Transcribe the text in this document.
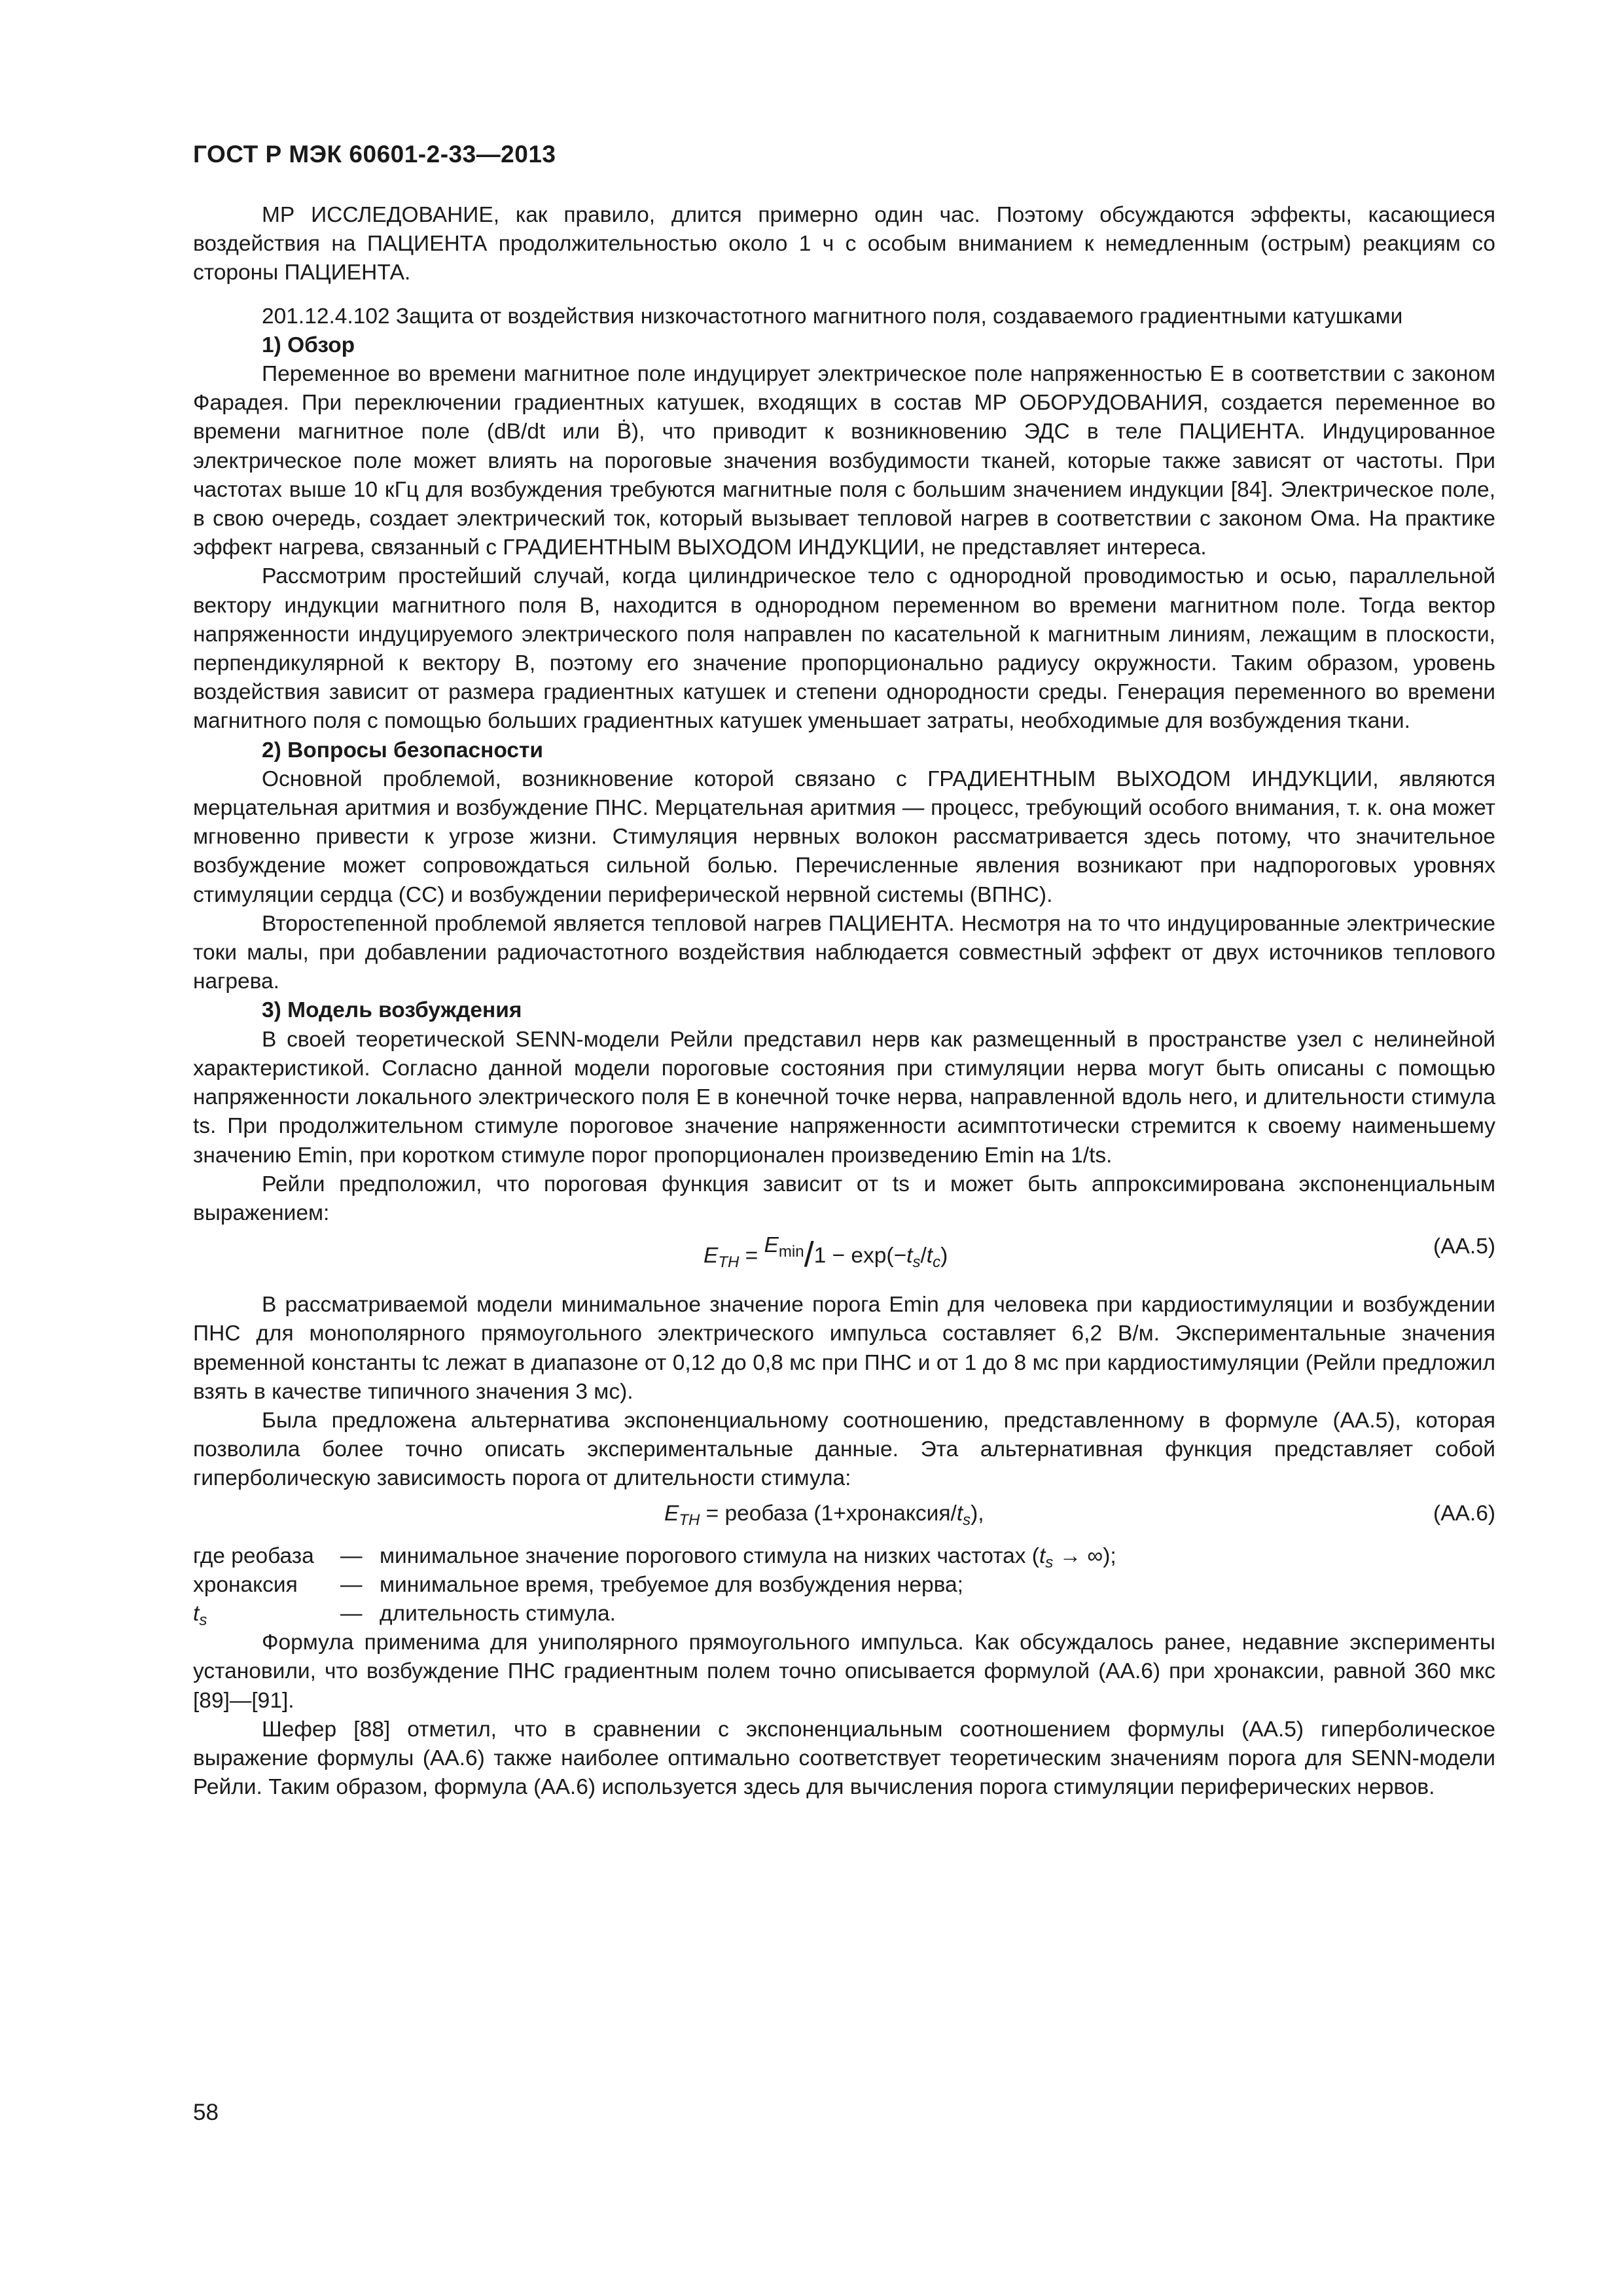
ГОСТ Р МЭК 60601-2-33—2013

МР ИССЛЕДОВАНИЕ, как правило, длится примерно один час. Поэтому обсуждаются эффекты, касающиеся воздействия на ПАЦИЕНТА продолжительностью около 1 ч с особым вниманием к немедленным (острым) реакциям со стороны ПАЦИЕНТА.

201.12.4.102 Защита от воздействия низкочастотного магнитного поля, создаваемого градиентными катушками

1) Обзор

Переменное во времени магнитное поле индуцирует электрическое поле напряженностью E в соответствии с законом Фарадея. При переключении градиентных катушек, входящих в состав МР ОБОРУДОВАНИЯ, создается переменное во времени магнитное поле (dB/dt или Ḃ), что приводит к возникновению ЭДС в теле ПАЦИЕНТА. Индуцированное электрическое поле может влиять на пороговые значения возбудимости тканей, которые также зависят от частоты. При частотах выше 10 кГц для возбуждения требуются магнитные поля с большим значением индукции [84]. Электрическое поле, в свою очередь, создает электрический ток, который вызывает тепловой нагрев в соответствии с законом Ома. На практике эффект нагрева, связанный с ГРАДИЕНТНЫМ ВЫХОДОМ ИНДУКЦИИ, не представляет интереса.

Рассмотрим простейший случай, когда цилиндрическое тело с однородной проводимостью и осью, параллельной вектору индукции магнитного поля B, находится в однородном переменном во времени магнитном поле. Тогда вектор напряженности индуцируемого электрического поля направлен по касательной к магнитным линиям, лежащим в плоскости, перпендикулярной к вектору B, поэтому его значение пропорционально радиусу окружности. Таким образом, уровень воздействия зависит от размера градиентных катушек и степени однородности среды. Генерация переменного во времени магнитного поля с помощью больших градиентных катушек уменьшает затраты, необходимые для возбуждения ткани.

2) Вопросы безопасности

Основной проблемой, возникновение которой связано с ГРАДИЕНТНЫМ ВЫХОДОМ ИНДУКЦИИ, являются мерцательная аритмия и возбуждение ПНС. Мерцательная аритмия — процесс, требующий особого внимания, т. к. она может мгновенно привести к угрозе жизни. Стимуляция нервных волокон рассматривается здесь потому, что значительное возбуждение может сопровождаться сильной болью. Перечисленные явления возникают при надпороговых уровнях стимуляции сердца (СС) и возбуждении периферической нервной системы (ВПНС).

Второстепенной проблемой является тепловой нагрев ПАЦИЕНТА. Несмотря на то что индуцированные электрические токи малы, при добавлении радиочастотного воздействия наблюдается совместный эффект от двух источников теплового нагрева.

3) Модель возбуждения

В своей теоретической SENN-модели Рейли представил нерв как размещенный в пространстве узел с нелинейной характеристикой. Согласно данной модели пороговые состояния при стимуляции нерва могут быть описаны с помощью напряженности локального электрического поля E в конечной точке нерва, направленной вдоль него, и длительности стимула ts. При продолжительном стимуле пороговое значение напряженности асимптотически стремится к своему наименьшему значению Emin, при коротком стимуле порог пропорционален произведению Emin на 1/ts.

Рейли предположил, что пороговая функция зависит от ts и может быть аппроксимирована экспоненциальным выражением:

$E_{TH} = E_{min}/1 - \exp(-t_s/t_c)$	(AA.5)

В рассматриваемой модели минимальное значение порога Emin для человека при кардиостимуляции и возбуждении ПНС для монополярного прямоугольного электрического импульса составляет 6,2 В/м. Экспериментальные значения временной константы tc лежат в диапазоне от 0,12 до 0,8 мс при ПНС и от 1 до 8 мс при кардиостимуляции (Рейли предложил взять в качестве типичного значения 3 мс).

Была предложена альтернатива экспоненциальному соотношению, представленному в формуле (AA.5), которая позволила более точно описать экспериментальные данные. Эта альтернативная функция представляет собой гиперболическую зависимость порога от длительности стимула:

$E_{TH}$ = реобаза $(1+хронаксия/t_s)$,	(AA.6)
где реобаза	— минимальное значение порогового стимула на низких частотах ($t_s$ → ∞);
хронаксия	— минимальное время, требуемое для возбуждения нерва;
$t_s$	— длительность стимула.

Формула применима для униполярного прямоугольного импульса. Как обсуждалось ранее, недавние эксперименты установили, что возбуждение ПНС градиентным полем точно описывается формулой (AA.6) при хронаксии, равной 360 мкс [89]—[91].

Шефер [88] отметил, что в сравнении с экспоненциальным соотношением формулы (AA.5) гиперболическое выражение формулы (AA.6) также наиболее оптимально соответствует теоретическим значениям порога для SENN-модели Рейли. Таким образом, формула (AA.6) используется здесь для вычисления порога стимуляции периферических нервов.

58
